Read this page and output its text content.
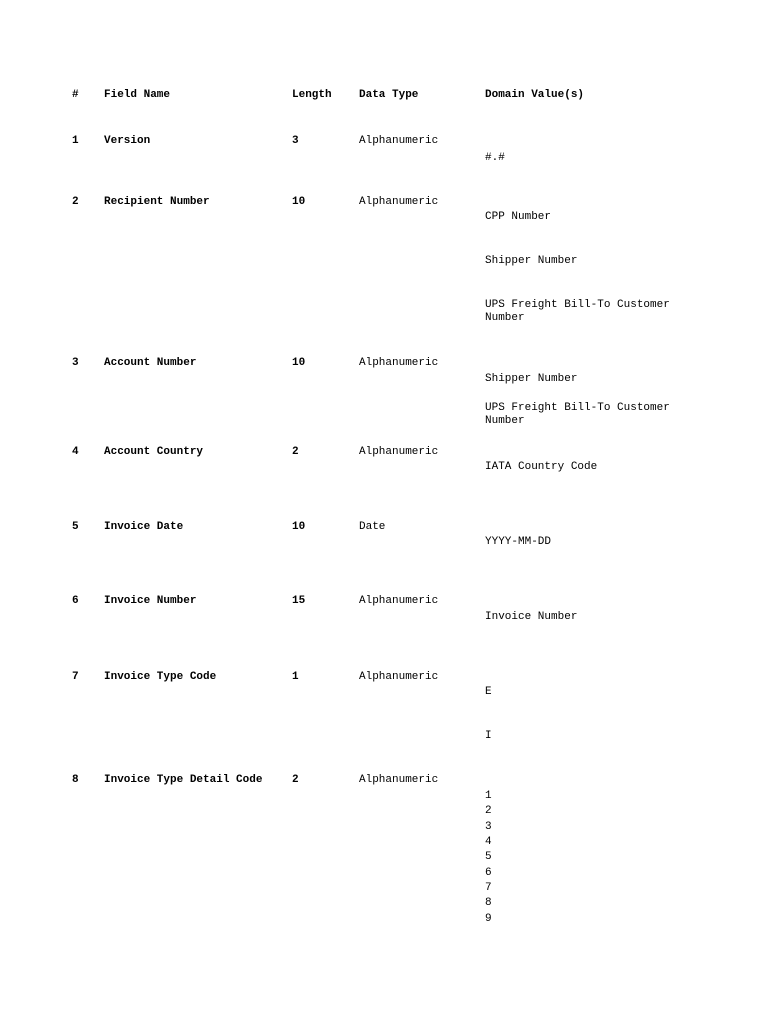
# Field Name	Length Data Type	Domain Value(s)
1 Version	3	Alphanumeric
#.#
2 Recipient Number	10	Alphanumeric
CPP Number
Shipper Number
UPS Freight Bill-To Customer Number
3 Account Number	10	Alphanumeric
Shipper Number
UPS Freight Bill-To Customer Number
4 Account Country	2	Alphanumeric
IATA Country Code
5 Invoice Date	10	Date
YYYY-MM-DD
6 Invoice Number	15	Alphanumeric
Invoice Number
7 Invoice Type Code	1	Alphanumeric
E
I
8 Invoice Type Detail Code	2	Alphanumeric
1
2
3
4
5
6
7
8
9
